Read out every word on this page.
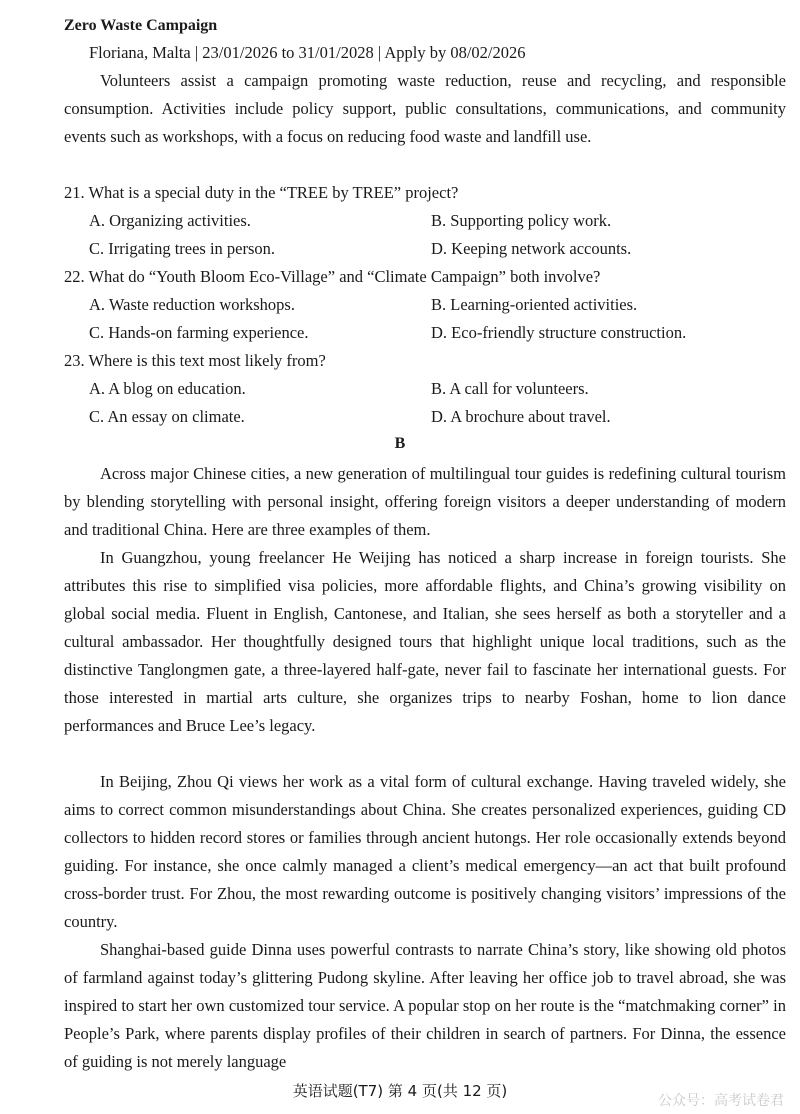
Zero Waste Campaign
Floriana, Malta | 23/01/2026 to 31/01/2028 | Apply by 08/02/2026

Volunteers assist a campaign promoting waste reduction, reuse and recycling, and responsible consumption. Activities include policy support, public consultations, communications, and community events such as workshops, with a focus on reducing food waste and landfill use.

21. What is a special duty in the “TREE by TREE” project?
A. Organizing activities.	B. Supporting policy work.
C. Irrigating trees in person.	D. Keeping network accounts.
22. What do “Youth Bloom Eco-Village” and “Climate Campaign” both involve?
A. Waste reduction workshops.	B. Learning-oriented activities.
C. Hands-on farming experience.	D. Eco-friendly structure construction.
23. Where is this text most likely from?
A. A blog on education.	B. A call for volunteers.
C. An essay on climate.	D. A brochure about travel.
B

Across major Chinese cities, a new generation of multilingual tour guides is redefining cultural tourism by blending storytelling with personal insight, offering foreign visitors a deeper understanding of modern and traditional China. Here are three examples of them.

In Guangzhou, young freelancer He Weijing has noticed a sharp increase in foreign tourists. She attributes this rise to simplified visa policies, more affordable flights, and China’s growing visibility on global social media. Fluent in English, Cantonese, and Italian, she sees herself as both a storyteller and a cultural ambassador. Her thoughtfully designed tours that highlight unique local traditions, such as the distinctive Tanglongmen gate, a three-layered half-gate, never fail to fascinate her international guests. For those interested in martial arts culture, she organizes trips to nearby Foshan, home to lion dance performances and Bruce Lee’s legacy.

In Beijing, Zhou Qi views her work as a vital form of cultural exchange. Having traveled widely, she aims to correct common misunderstandings about China. She creates personalized experiences, guiding CD collectors to hidden record stores or families through ancient hutongs. Her role occasionally extends beyond guiding. For instance, she once calmly managed a client’s medical emergency—an act that built profound cross-border trust. For Zhou, the most rewarding outcome is positively changing visitors’ impressions of the country.

Shanghai-based guide Dinna uses powerful contrasts to narrate China’s story, like showing old photos of farmland against today’s glittering Pudong skyline. After leaving her office job to travel abroad, she was inspired to start her own customized tour service. A popular stop on her route is the “matchmaking corner” in People’s Park, where parents display profiles of their children in search of partners. For Dinna, the essence of guiding is not merely language

英语试题(T7) 第 4 页(共 12 页)
公众号：高考试卷君
